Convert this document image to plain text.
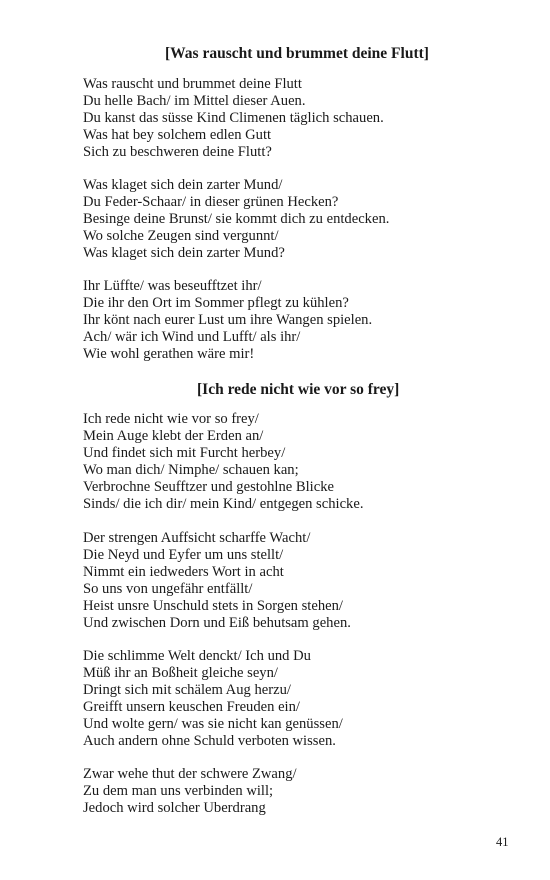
[Was rauscht und brummet deine Flutt]
Was rauscht und brummet deine Flutt
Du helle Bach/ im Mittel dieser Auen.
Du kanst das süsse Kind Climenen täglich schauen.
Was hat bey solchem edlen Gutt
Sich zu beschweren deine Flutt?
Was klaget sich dein zarter Mund/
Du Feder-Schaar/ in dieser grünen Hecken?
Besinge deine Brunst/ sie kommt dich zu entdecken.
Wo solche Zeugen sind vergunnt/
Was klaget sich dein zarter Mund?
Ihr Lüffte/ was beseufftzet ihr/
Die ihr den Ort im Sommer pflegt zu kühlen?
Ihr könt nach eurer Lust um ihre Wangen spielen.
Ach/ wär ich Wind und Lufft/ als ihr/
Wie wohl gerathen wäre mir!
[Ich rede nicht wie vor so frey]
Ich rede nicht wie vor so frey/
Mein Auge klebt der Erden an/
Und findet sich mit Furcht herbey/
Wo man dich/ Nimphe/ schauen kan;
Verbrochne Seufftzer und gestohlne Blicke
Sinds/ die ich dir/ mein Kind/ entgegen schicke.
Der strengen Auffsicht scharffe Wacht/
Die Neyd und Eyfer um uns stellt/
Nimmt ein iedweders Wort in acht
So uns von ungefähr entfällt/
Heist unsre Unschuld stets in Sorgen stehen/
Und zwischen Dorn und Eiß behutsam gehen.
Die schlimme Welt denckt/ Ich und Du
Müß ihr an Boßheit gleiche seyn/
Dringt sich mit schälem Aug herzu/
Greifft unsern keuschen Freuden ein/
Und wolte gern/ was sie nicht kan genüssen/
Auch andern ohne Schuld verboten wissen.
Zwar wehe thut der schwere Zwang/
Zu dem man uns verbinden will;
Jedoch wird solcher Uberdrang
41
